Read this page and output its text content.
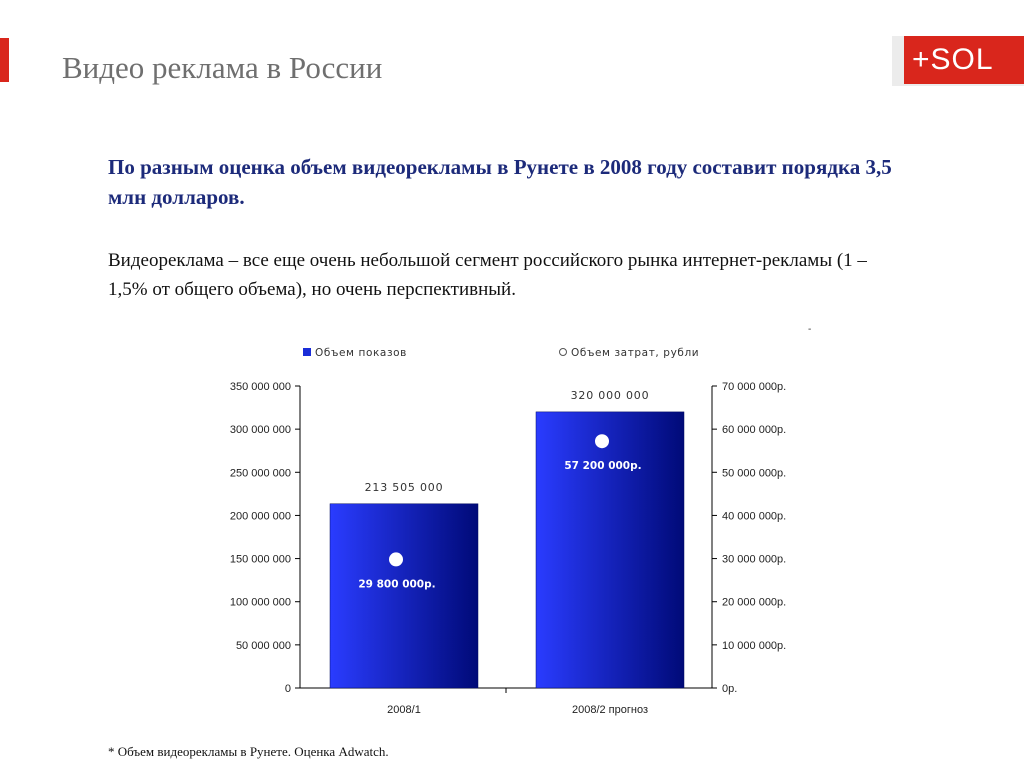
Видео реклама в России	+SOL
По разным оценка объем видеорекламы в Рунете в 2008 году составит порядка 3,5 млн долларов.
Видеореклама – все еще очень небольшой сегмент российского рынка интернет-рекламы (1 – 1,5% от общего объема), но очень перспективный.
-
Объем показов	Объем затрат, рубли
0
50 000 000
100 000 000
150 000 000
200 000 000
250 000 000
300 000 000
350 000 000
0р.
10 000 000р.
20 000 000р.
30 000 000р.
40 000 000р.
50 000 000р.
60 000 000р.
70 000 000р.
213 505 000
29 800 000р.
2008/1
320 000 000
57 200 000р.
2008/2 прогноз
* Объем видеорекламы в Рунете. Оценка Adwatch.
